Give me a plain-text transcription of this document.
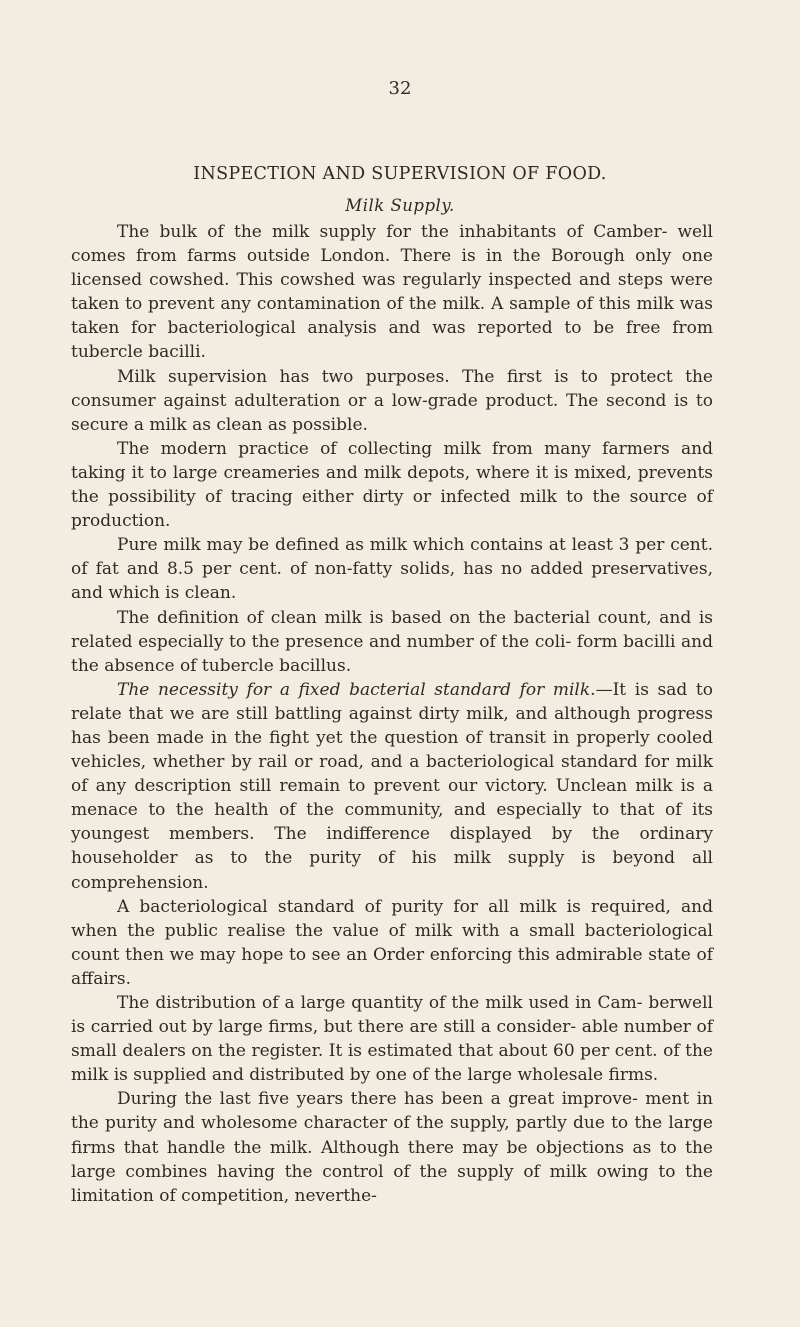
32
INSPECTION AND SUPERVISION OF FOOD.
Milk Supply.

The bulk of the milk supply for the inhabitants of Camber- well comes from farms outside London. There is in the Borough only one licensed cowshed. This cowshed was regularly inspected and steps were taken to prevent any contamination of the milk. A sample of this milk was taken for bacteriological analysis and was reported to be free from tubercle bacilli.

Milk supervision has two purposes. The first is to protect the consumer against adulteration or a low-grade product. The second is to secure a milk as clean as possible.

The modern practice of collecting milk from many farmers and taking it to large creameries and milk depots, where it is mixed, prevents the possibility of tracing either dirty or infected milk to the source of production.

Pure milk may be defined as milk which contains at least 3 per cent. of fat and 8.5 per cent. of non-fatty solids, has no added preservatives, and which is clean.

The definition of clean milk is based on the bacterial count, and is related especially to the presence and number of the coli- form bacilli and the absence of tubercle bacillus.

The necessity for a fixed bacterial standard for milk.—It is sad to relate that we are still battling against dirty milk, and although progress has been made in the fight yet the question of transit in properly cooled vehicles, whether by rail or road, and a bacteriological standard for milk of any description still remain to prevent our victory. Unclean milk is a menace to the health of the community, and especially to that of its youngest members. The indifference displayed by the ordinary householder as to the purity of his milk supply is beyond all comprehension.

A bacteriological standard of purity for all milk is required, and when the public realise the value of milk with a small bacteriological count then we may hope to see an Order enforcing this admirable state of affairs.

The distribution of a large quantity of the milk used in Cam- berwell is carried out by large firms, but there are still a consider- able number of small dealers on the register. It is estimated that about 60 per cent. of the milk is supplied and distributed by one of the large wholesale firms.

During the last five years there has been a great improve- ment in the purity and wholesome character of the supply, partly due to the large firms that handle the milk. Although there may be objections as to the large combines having the control of the supply of milk owing to the limitation of competition, neverthe-
